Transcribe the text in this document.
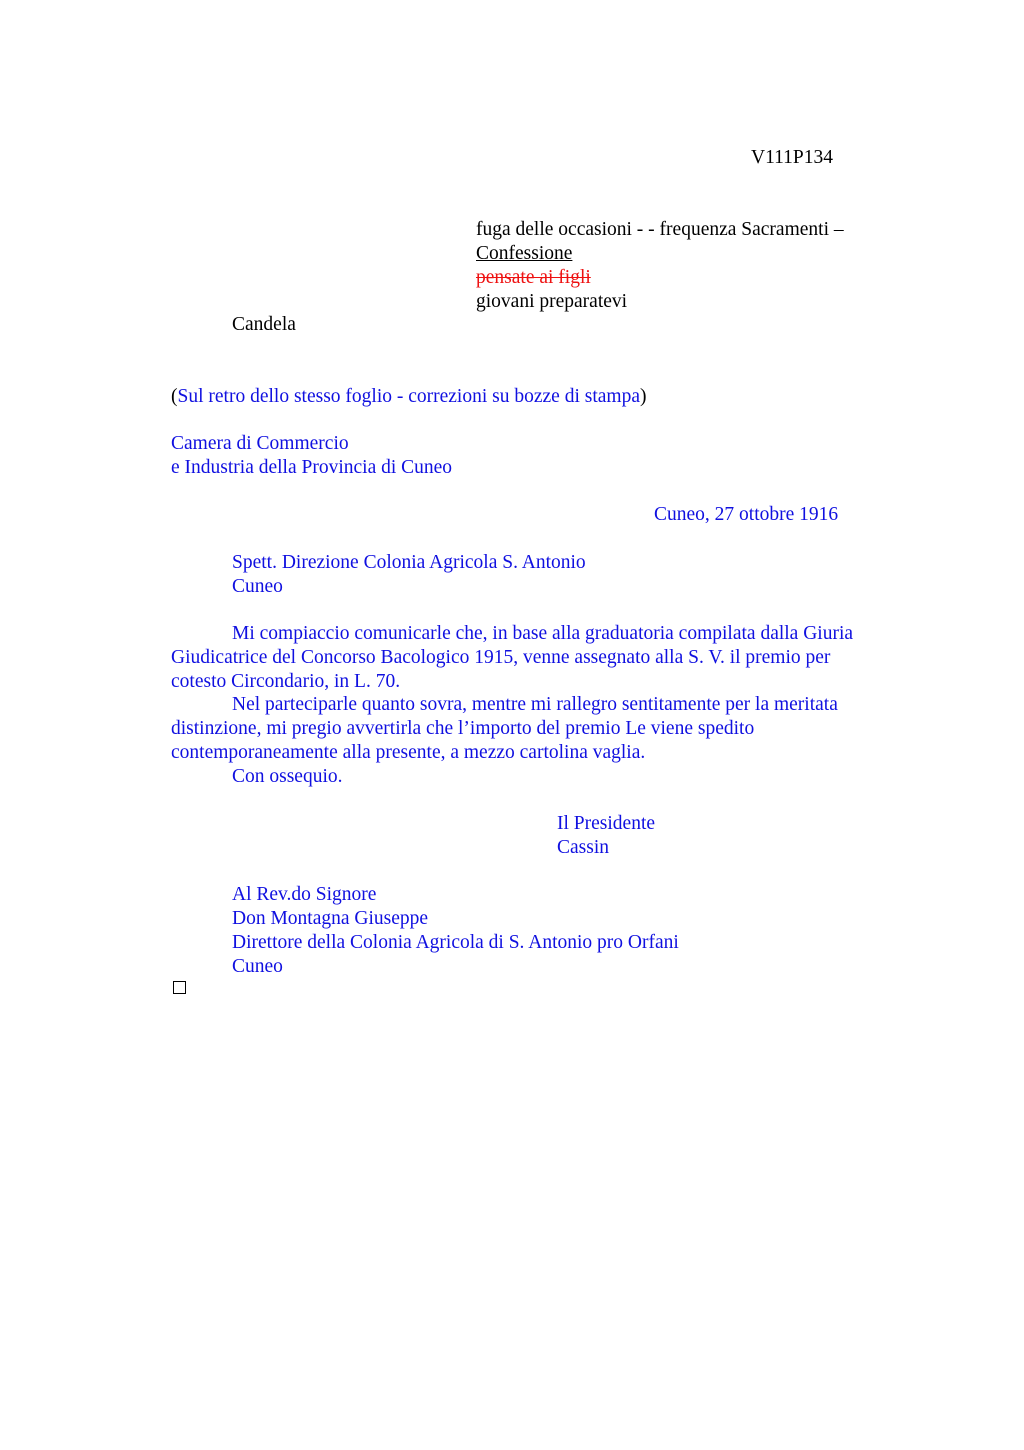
V111P134

fuga delle occasioni - - frequenza Sacramenti –

Confessione

pensate ai figli

giovani preparatevi

Candela

(Sul retro dello stesso foglio - correzioni su bozze di stampa)

Camera di Commercio

e Industria della Provincia di Cuneo

Cuneo, 27 ottobre 1916

Spett. Direzione Colonia Agricola S. Antonio

Cuneo

Mi compiaccio comunicarle che, in base alla graduatoria compilata dalla Giuria

Giudicatrice del Concorso Bacologico 1915, venne assegnato alla S. V. il premio per

cotesto Circondario, in L. 70.

Nel parteciparle quanto sovra, mentre mi rallegro sentitamente per la meritata

distinzione, mi pregio avvertirla che l’importo del premio Le viene spedito

contemporaneamente alla presente, a mezzo cartolina vaglia.

Con ossequio.

Il Presidente

Cassin

Al Rev.do Signore

Don Montagna Giuseppe

Direttore della Colonia Agricola di S. Antonio pro Orfani

Cuneo
